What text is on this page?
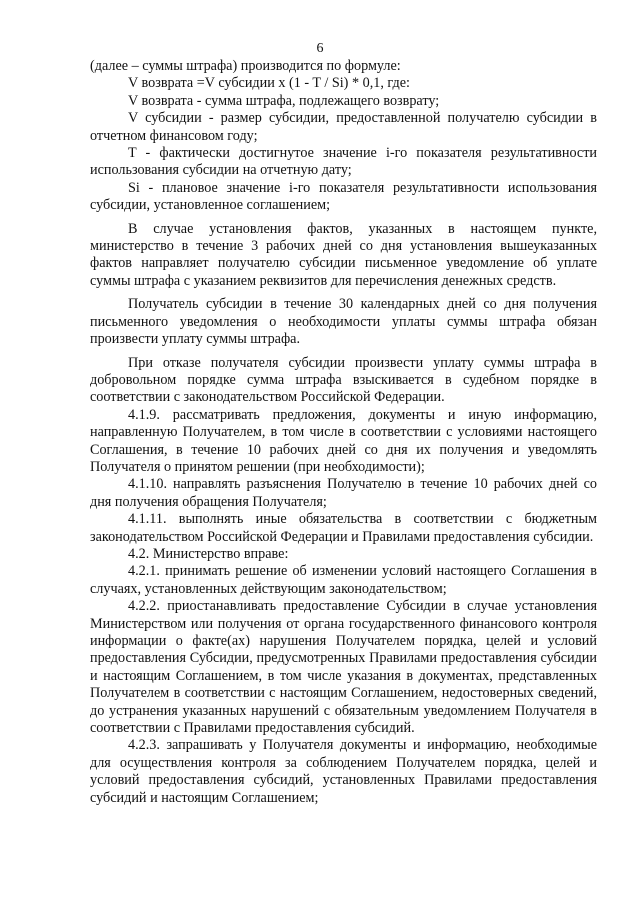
6

(далее – суммы штрафа) производится по формуле:

V возврата =V субсидии x (1 - T / Si) * 0,1, где:

V возврата - сумма штрафа, подлежащего возврату;

V субсидии - размер субсидии, предоставленной получателю субсидии в отчетном финансовом году;

T - фактически достигнутое значение i-го показателя результативности использования субсидии на отчетную дату;

Si - плановое значение i-го показателя результативности использования субсидии, установленное соглашением;

В случае установления фактов, указанных в настоящем пункте, министерство в течение 3 рабочих дней со дня установления вышеуказанных фактов направляет получателю субсидии письменное уведомление об уплате суммы штрафа с указанием реквизитов для перечисления денежных средств.

Получатель субсидии в течение 30 календарных дней со дня получения письменного уведомления о необходимости уплаты суммы штрафа обязан произвести уплату суммы штрафа.

При отказе получателя субсидии произвести уплату суммы штрафа в добровольном порядке сумма штрафа взыскивается в судебном порядке в соответствии с законодательством Российской Федерации.

4.1.9. рассматривать предложения, документы и иную информацию, направленную Получателем, в том числе в соответствии с условиями настоящего Соглашения, в течение 10 рабочих дней со дня их получения и уведомлять Получателя о принятом решении (при необходимости);

4.1.10. направлять разъяснения Получателю в течение 10 рабочих дней со дня получения обращения Получателя;

4.1.11. выполнять иные обязательства в соответствии с бюджетным законодательством Российской Федерации и Правилами предоставления субсидии.

4.2. Министерство вправе:

4.2.1. принимать решение об изменении условий настоящего Соглашения в случаях, установленных действующим законодательством;

4.2.2. приостанавливать предоставление Субсидии в случае установления Министерством или получения от органа государственного финансового контроля информации о факте(ах) нарушения Получателем порядка, целей и условий предоставления Субсидии, предусмотренных Правилами предоставления субсидии и настоящим Соглашением, в том числе указания в документах, представленных Получателем в соответствии с настоящим Соглашением, недостоверных сведений, до устранения указанных нарушений с обязательным уведомлением Получателя в соответствии с Правилами предоставления субсидий.

4.2.3. запрашивать у Получателя документы и информацию, необходимые для осуществления контроля за соблюдением Получателем порядка, целей и условий предоставления субсидий, установленных Правилами предоставления субсидий и настоящим Соглашением;
